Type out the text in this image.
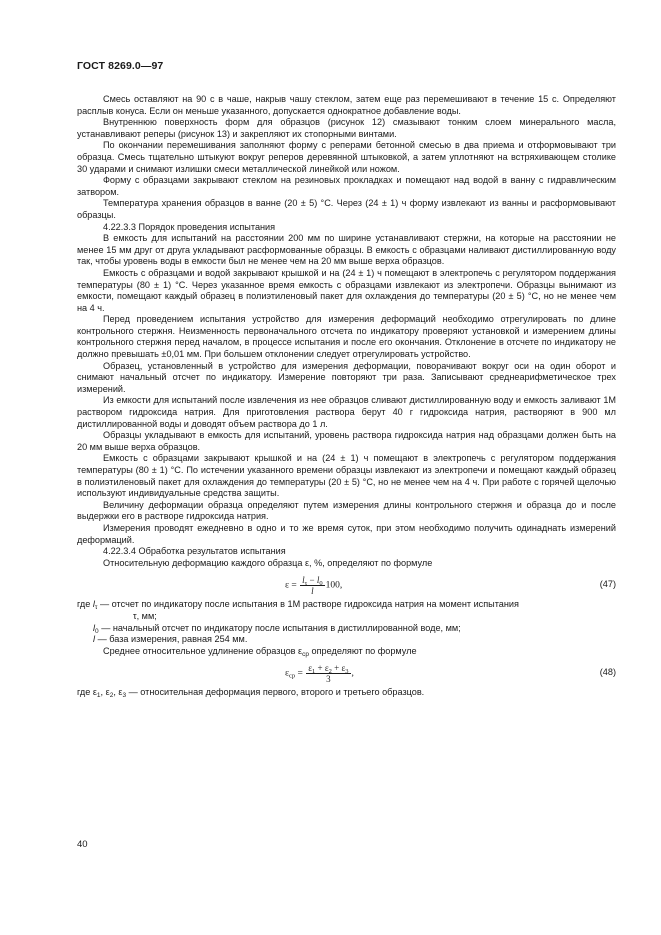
ГОСТ 8269.0—97

Смесь оставляют на 90 с в чаше, накрыв чашу стеклом, затем еще раз перемешивают в течение 15 с. Определяют расплыв конуса. Если он меньше указанного, допускается однократное добавление воды.

Внутреннюю поверхность форм для образцов (рисунок 12) смазывают тонким слоем минерального масла, устанавливают реперы (рисунок 13) и закрепляют их стопорными винтами.

По окончании перемешивания заполняют форму с реперами бетонной смесью в два приема и отформовывают три образца. Смесь тщательно штыкуют вокруг реперов деревянной штыковкой, а затем уплотняют на встряхивающем столике 30 ударами и снимают излишки смеси металлической линейкой или ножом.

Форму с образцами закрывают стеклом на резиновых прокладках и помещают над водой в ванну с гидравлическим затвором.

Температура хранения образцов в ванне (20 ± 5) °С. Через (24 ± 1) ч форму извлекают из ванны и расформовывают образцы.

4.22.3.3 Порядок проведения испытания

В емкость для испытаний на расстоянии 200 мм по ширине устанавливают стержни, на которые на расстоянии не менее 15 мм друг от друга укладывают расформованные образцы. В емкость с образцами наливают дистиллированную воду так, чтобы уровень воды в емкости был не менее чем на 20 мм выше верха образцов.

Емкость с образцами и водой закрывают крышкой и на (24 ± 1) ч помещают в электропечь с регулятором поддержания температуры (80 ± 1) °С. Через указанное время емкость с образцами извлекают из электропечи. Образцы вынимают из емкости, помещают каждый образец в полиэтиленовый пакет для охлаждения до температуры (20 ± 5) °С, но не менее чем на 4 ч.

Перед проведением испытания устройство для измерения деформаций необходимо отрегулировать по длине контрольного стержня. Неизменность первоначального отсчета по индикатору проверяют установкой и измерением длины контрольного стержня перед началом, в процессе испытания и после его окончания. Отклонение в отсчете по индикатору не должно превышать ±0,01 мм. При большем отклонении следует отрегулировать устройство.

Образец, установленный в устройство для измерения деформации, поворачивают вокруг оси на один оборот и снимают начальный отсчет по индикатору. Измерение повторяют три раза. Записывают среднеарифметическое трех измерений.

Из емкости для испытаний после извлечения из нее образцов сливают дистиллированную воду и емкость заливают 1М раствором гидроксида натрия. Для приготовления раствора берут 40 г гидроксида натрия, растворяют в 900 мл дистиллированной воды и доводят объем раствора до 1 л.

Образцы укладывают в емкость для испытаний, уровень раствора гидроксида натрия над образцами должен быть на 20 мм выше верха образцов.

Емкость с образцами закрывают крышкой и на (24 ± 1) ч помещают в электропечь с регулятором поддержания температуры (80 ± 1) °С. По истечении указанного времени образцы извлекают из электропечи и помещают каждый образец в полиэтиленовый пакет для охлаждения до температуры (20 ± 5) °С, но не менее чем на 4 ч. При работе с горячей щелочью используют индивидуальные средства защиты.

Величину деформации образца определяют путем измерения длины контрольного стержня и образца до и после выдержки его в растворе гидроксида натрия.

Измерения проводят ежедневно в одно и то же время суток, при этом необходимо получить одинаднать измерений деформаций.

4.22.3.4 Обработка результатов испытания

Относительную деформацию каждого образца ε, %, определяют по формуле

$\varepsilon = \frac{l_\tau - l_0}{l} 100$,	(47)

где $l_\tau$ — отсчет по индикатору после испытания в 1М растворе гидроксида натрия на момент испытания

τ, мм;

$l_0$ — начальный отсчет по индикатору после испытания в дистиллированной воде, мм;

l — база измерения, равная 254 мм.

Среднее относительное удлинение образцов $\varepsilon_{ср}$ определяют по формуле

$\varepsilon_{ср} = \frac{\varepsilon_1 + \varepsilon_2 + \varepsilon_3}{3}$ ,	(48)

где $\varepsilon_1$, $\varepsilon_2$, $\varepsilon_3$ — относительная деформация первого, второго и третьего образцов.

40
